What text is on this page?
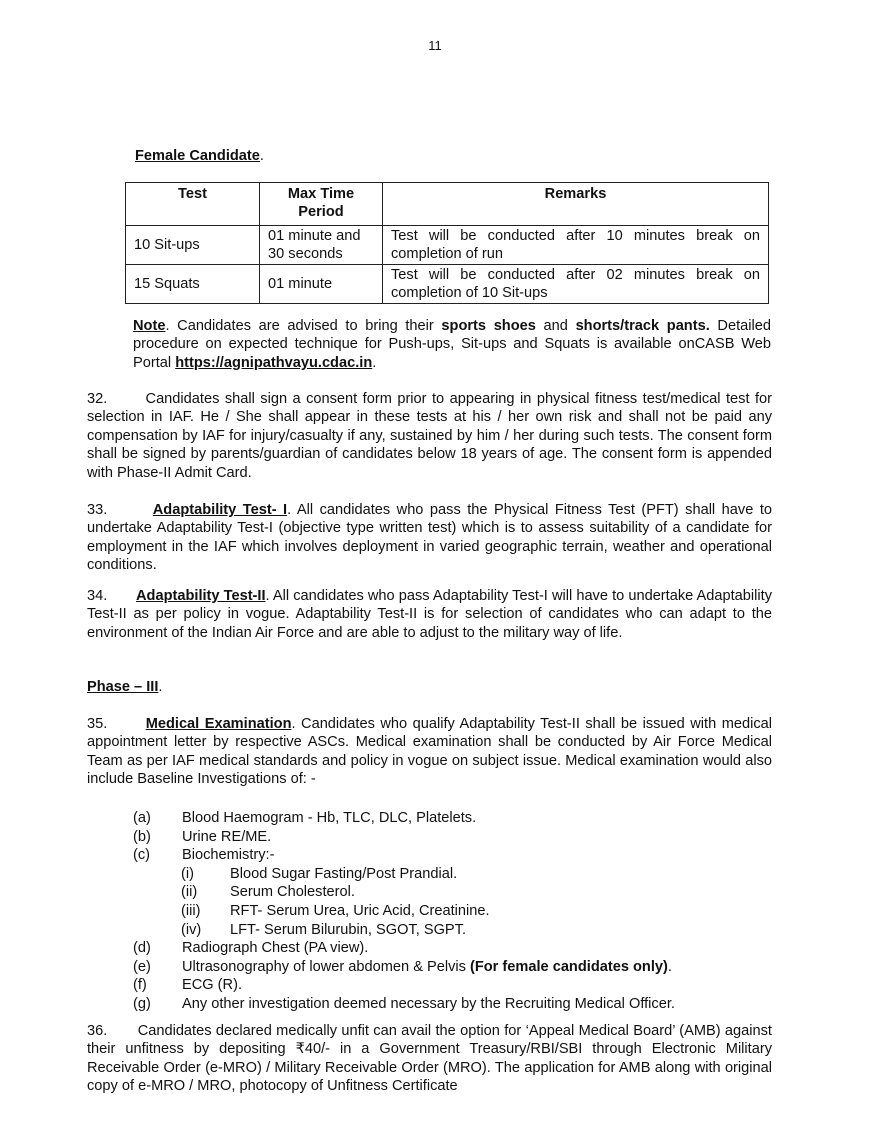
11
Female Candidate.
Test	Max Time Period	Remarks
10 Sit-ups	01 minute and 30 seconds	Test will be conducted after 10 minutes break on completion of run
15 Squats	01 minute	Test will be conducted after 02 minutes break on completion of 10 Sit-ups
Note. Candidates are advised to bring their sports shoes and shorts/track pants. Detailed procedure on expected technique for Push-ups, Sit-ups and Squats is available onCASB Web Portal https://agnipathvayu.cdac.in.
32.	Candidates shall sign a consent form prior to appearing in physical fitness test/medical test for selection in IAF. He / She shall appear in these tests at his / her own risk and shall not be paid any compensation by IAF for injury/casualty if any, sustained by him / her during such tests. The consent form shall be signed by parents/guardian of candidates below 18 years of age. The consent form is appended with Phase-II Admit Card.
33.	Adaptability Test- I. All candidates who pass the Physical Fitness Test (PFT) shall have to undertake Adaptability Test-I (objective type written test) which is to assess suitability of a candidate for employment in the IAF which involves deployment in varied geographic terrain, weather and operational conditions.
34. Adaptability Test-II. All candidates who pass Adaptability Test-I will have to undertake Adaptability Test-II as per policy in vogue. Adaptability Test-II is for selection of candidates who can adapt to the environment of the Indian Air Force and are able to adjust to the military way of life.
Phase – III.
35.	Medical Examination. Candidates who qualify Adaptability Test-II shall be issued with medical appointment letter by respective ASCs. Medical examination shall be conducted by Air Force Medical Team as per IAF medical standards and policy in vogue on subject issue. Medical examination would also include Baseline Investigations of: -
(a) Blood Haemogram - Hb, TLC, DLC, Platelets.
(b) Urine RE/ME.
(c) Biochemistry:-
(i) Blood Sugar Fasting/Post Prandial.
(ii) Serum Cholesterol.
(iii) RFT- Serum Urea, Uric Acid, Creatinine.
(iv) LFT- Serum Bilurubin, SGOT, SGPT.
(d) Radiograph Chest (PA view).
(e) Ultrasonography of lower abdomen & Pelvis (For female candidates only).
(f) ECG (R).
(g) Any other investigation deemed necessary by the Recruiting Medical Officer.
36. Candidates declared medically unfit can avail the option for ‘Appeal Medical Board’ (AMB) against their unfitness by depositing ₹40/- in a Government Treasury/RBI/SBI through Electronic Military Receivable Order (e-MRO) / Military Receivable Order (MRO). The application for AMB along with original copy of e-MRO / MRO, photocopy of Unfitness Certificate
